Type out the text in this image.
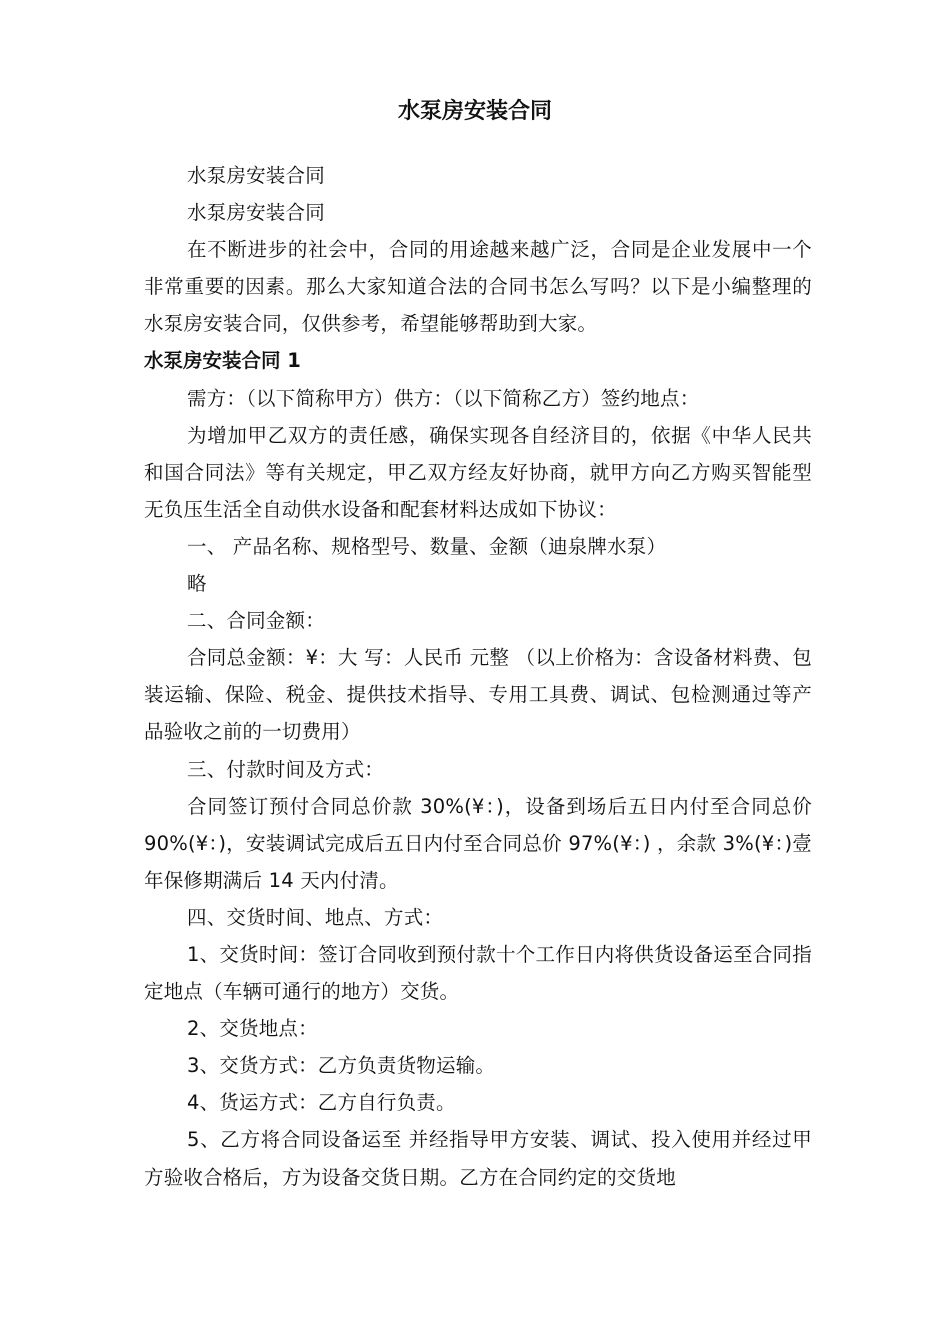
水泵房安装合同

水泵房安装合同

水泵房安装合同

在不断进步的社会中，合同的用途越来越广泛，合同是企业发展中一个非常重要的因素。那么大家知道合法的合同书怎么写吗？以下是小编整理的水泵房安装合同，仅供参考，希望能够帮助到大家。

水泵房安装合同 1

需方：（以下简称甲方）供方：（以下简称乙方）签约地点：

为增加甲乙双方的责任感，确保实现各自经济目的，依据《中华人民共和国合同法》等有关规定，甲乙双方经友好协商，就甲方向乙方购买智能型无负压生活全自动供水设备和配套材料达成如下协议：

一、 产品名称、规格型号、数量、金额（迪泉牌水泵）

略

二、合同金额：

合同总金额：¥：大 写：人民币 元整 （以上价格为：含设备材料费、包装运输、保险、税金、提供技术指导、专用工具费、调试、包检测通过等产品验收之前的一切费用）

三、付款时间及方式：

合同签订预付合同总价款 30%(¥：)，设备到场后五日内付至合同总价 90%(¥：)，安装调试完成后五日内付至合同总价 97%(¥：) ，余款 3%(¥：)壹年保修期满后 14 天内付清。

四、交货时间、地点、方式：

1、交货时间：签订合同收到预付款十个工作日内将供货设备运至合同指定地点（车辆可通行的地方）交货。

2、交货地点：

3、交货方式：乙方负责货物运输。

4、货运方式：乙方自行负责。

5、乙方将合同设备运至 并经指导甲方安装、调试、投入使用并经过甲方验收合格后，方为设备交货日期。乙方在合同约定的交货地
